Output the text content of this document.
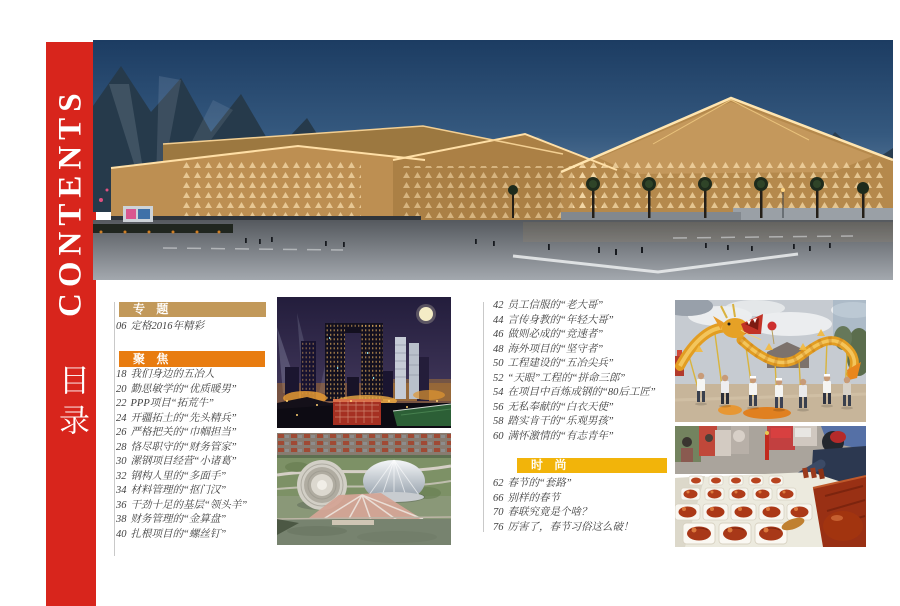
CONTENTS
目录
专 题
聚 焦
时 尚
06 定格2016年精彩
18 我们身边的五冶人
20 勤思敏学的“优质暖男”
22 PPP项目“拓荒牛”
24 开疆拓土的“先头精兵”
26 严格把关的“巾帼担当”
28 恪尽职守的“财务管家”
30 漯钢项目经营“小诸葛”
32 钢构人里的“多面手”
34 材料管理的“抠门汉”
36 干劲十足的基层“领头羊”
38 财务管理的“金算盘”
40 扎根项目的“螺丝钉”
42 员工信服的“老大哥”
44 言传身教的“年轻大哥”
46 做则必成的“竞速者”
48 海外项目的“坚守者”
50 工程建设的“五冶尖兵”
52 “天眼”工程的“拼命三郎”
54 在项目中百炼成钢的“80后工匠”
56 无私奉献的“白衣天使”
58 踏实肯干的“乐观男孩”
60 满怀激情的“有志青年”
62 春节的“套路”
66 别样的春节
70 春联究竟是个啥？
76 厉害了，春节习俗这么破！
